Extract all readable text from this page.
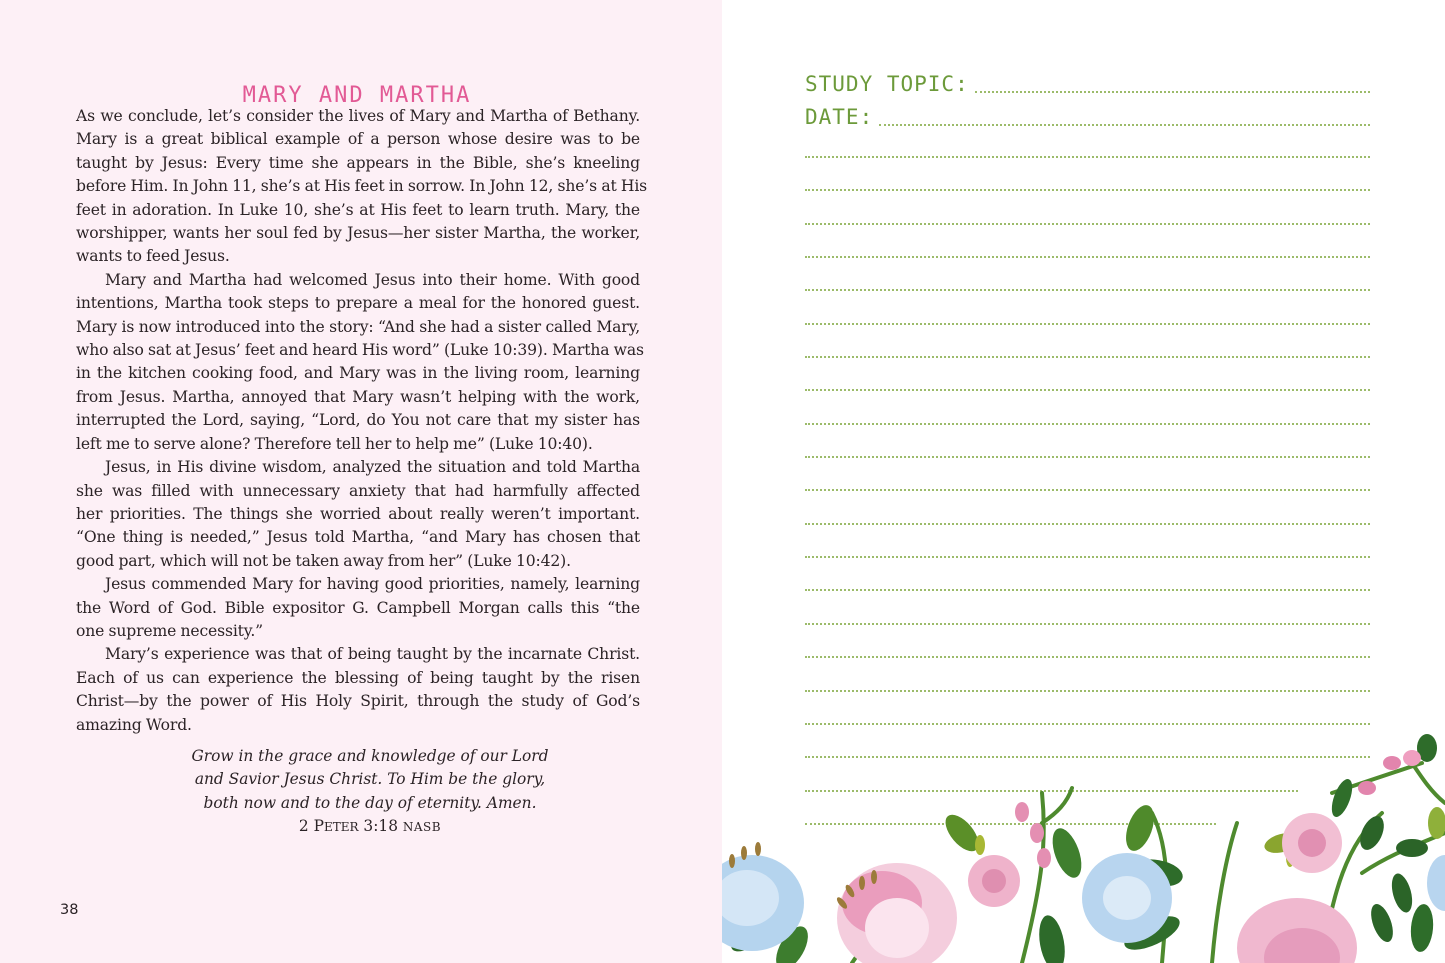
MARY AND MARTHA

As we conclude, let’s consider the lives of Mary and Martha of Bethany.
Mary is a great biblical example of a person whose desire was to be
taught by Jesus: Every time she appears in the Bible, she’s kneeling
before Him. In John 11, she’s at His feet in sorrow. In John 12, she’s at His
feet in adoration. In Luke 10, she’s at His feet to learn truth. Mary, the
worshipper, wants her soul fed by Jesus—her sister Martha, the worker,
wants to feed Jesus.

Mary and Martha had welcomed Jesus into their home. With good
intentions, Martha took steps to prepare a meal for the honored guest.
Mary is now introduced into the story: “And she had a sister called Mary,
who also sat at Jesus’ feet and heard His word” (Luke 10:39). Martha was
in the kitchen cooking food, and Mary was in the living room, learning
from Jesus. Martha, annoyed that Mary wasn’t helping with the work,
interrupted the Lord, saying, “Lord, do You not care that my sister has
left me to serve alone? Therefore tell her to help me” (Luke 10:40).

Jesus, in His divine wisdom, analyzed the situation and told Martha
she was filled with unnecessary anxiety that had harmfully affected
her priorities. The things she worried about really weren’t important.
“One thing is needed,” Jesus told Martha, “and Mary has chosen that
good part, which will not be taken away from her” (Luke 10:42).

Jesus commended Mary for having good priorities, namely, learning
the Word of God. Bible expositor G. Campbell Morgan calls this “the
one supreme necessity.”

Mary’s experience was that of being taught by the incarnate Christ.
Each of us can experience the blessing of being taught by the risen
Christ—by the power of His Holy Spirit, through the study of God’s
amazing Word.

Grow in the grace and knowledge of our Lord
and Savior Jesus Christ. To Him be the glory,
both now and to the day of eternity. Amen.
2 PETER 3:18 NASB
38
STUDY TOPIC:
DATE:
